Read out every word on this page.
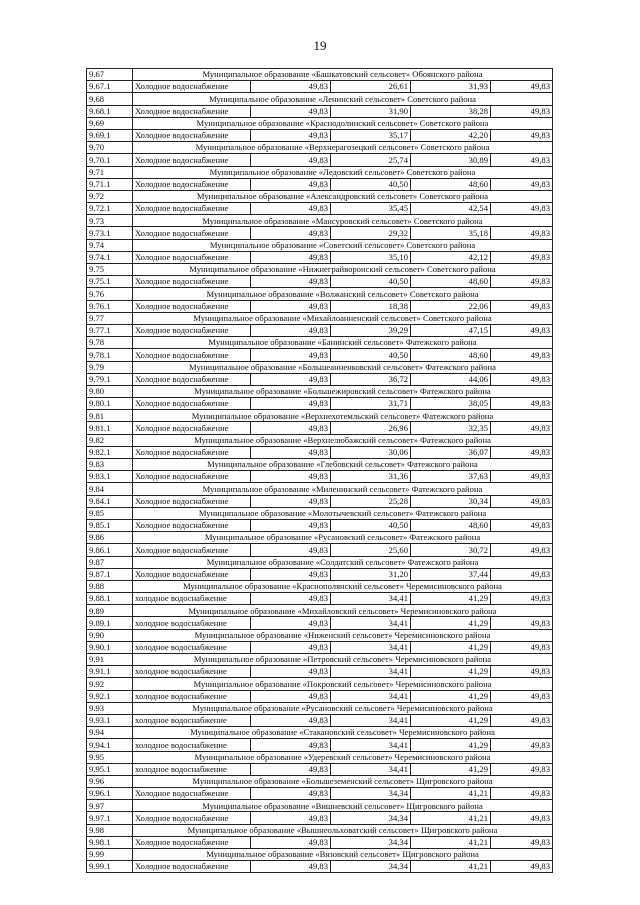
19
9.67	Муниципальное образование «Башкатовский сельсовет» Обоянского района				
9.67.1	Холодное водоснабжение	49,83	26,61	31,93	49,83
9.68	Муниципальное образование «Ленинский сельсовет» Советского района				
9.68.1	Холодное водоснабжение	49,83	31,90	38,28	49,83
9.69	Муниципальное образование «Краснодолинский сельсовет» Советского района				
9.69.1	Холодное водоснабжение	49,83	35,17	42,20	49,83
9.70	Муниципальное образование «Верхнерагозецкий сельсовет» Советского района				
9.70.1	Холодное водоснабжение	49,83	25,74	30,89	49,83
9.71	Муниципальное образование «Ледовский сельсовет» Советского района				
9.71.1	Холодное водоснабжение	49,83	40,50	48,60	49,83
9.72	Муниципальное образование «Александровский сельсовет» Советского района				
9.72.1	Холодное водоснабжение	49,83	35,45	42,54	49,83
9.73	Муниципальное образование «Мансуровский сельсовет» Советского района				
9.73.1	Холодное водоснабжение	49,83	29,32	35,18	49,83
9.74	Муниципальное образование «Советский сельсовет» Советского района				
9.74.1	Холодное водоснабжение	49,83	35,10	42,12	49,83
9.75	Муниципальное образование «Нижнеграйворонский сельсовет» Советского района				
9.75.1	Холодное водоснабжение	49,83	40,50	48,60	49,83
9.76	Муниципальное образование «Волжанский сельсовет» Советского района				
9.76.1	Холодное водоснабжение	49,83	18,38	22,06	49,83
9.77	Муниципальное образование «Михайлоанненский сельсовет» Советского района				
9.77.1	Холодное водоснабжение	49,83	39,29	47,15	49,83
9.78	Муниципальное образование «Банинский сельсовет» Фатежского района				
9.78.1	Холодное водоснабжение	49,83	40,50	48,60	49,83
9.79	Муниципальное образование «Большеанненковский сельсовет» Фатежского района				
9.79.1	Холодное водоснабжение	49,83	36,72	44,06	49,83
9.80	Муниципальное образование «Большежировский сельсовет» Фатежского района				
9.80.1	Холодное водоснабжение	49,83	31,71	38,05	49,83
9.81	Муниципальное образование «Верхнехотемльский сельсовет» Фатежского района				
9.81.1	Холодное водоснабжение	49,83	26,96	32,35	49,83
9.82	Муниципальное образование «Верхнелюбажский сельсовет» Фатежского района				
9.82.1	Холодное водоснабжение	49,83	30,06	36,07	49,83
9.83	Муниципальное образование «Глебовский сельсовет» Фатежского района				
9.83.1	Холодное водоснабжение	49,83	31,36	37,63	49,83
9.84	Муниципальное образование «Миленинский сельсовет» Фатежского района				
9.84.1	Холодное водоснабжение	49,83	25,28	30,34	49,83
9.85	Муниципальное образование «Молотычевский сельсовет» Фатежского района				
9.85.1	Холодное водоснабжение	49,83	40,50	48,60	49,83
9.86	Муниципальное образование «Русановский сельсовет» Фатежского района				
9.86.1	Холодное водоснабжение	49,83	25,60	30,72	49,83
9.87	Муниципальное образование «Солдатский сельсовет» Фатежского района				
9.87.1	Холодное водоснабжение	49,83	31,20	37,44	49,83
9.88	Муниципальное образование «Краснополянский сельсовет» Черемисиновского района				
9.88.1	холодное водоснабжение	49,83	34,41	41,29	49,83
9.89	Муниципальное образование «Михайловский сельсовет» Черемисиновского района				
9.89.1	холодное водоснабжение	49,83	34,41	41,29	49,83
9.90	Муниципальное образование «Ниженский сельсовет» Черемисиновского района				
9.90.1	холодное водоснабжение	49,83	34,41	41,29	49,83
9.91	Муниципальное образование «Петровский сельсовет» Черемисиновского района				
9.91.1	холодное водоснабжение	49,83	34,41	41,29	49,83
9.92	Муниципальное образование «Покровский сельсовет» Черемисиновского района				
9.92.1	холодное водоснабжение	49,83	34,41	41,29	49,83
9.93	Муниципальное образование «Русановский сельсовет» Черемисиновского района				
9.93.1	холодное водоснабжение	49,83	34,41	41,29	49,83
9.94	Муниципальное образование «Стакановский сельсовет» Черемисиновского района				
9.94.1	холодное водоснабжение	49,83	34,41	41,29	49,83
9.95	Муниципальное образование «Удеревский сельсовет» Черемисиновского района				
9.95.1	холодное водоснабжение	49,83	34,41	41,29	49,83
9.96	Муниципальное образование «Большеземенский сельсовет» Щигровского района				
9.96.1	Холодное водоснабжение	49,83	34,34	41,21	49,83
9.97	Муниципальное образование «Вишневский сельсовет» Щигровского района				
9.97.1	Холодное водоснабжение	49,83	34,34	41,21	49,83
9.98	Муниципальное образование «Вышнеольховатский сельсовет» Щигровского района				
9.98.1	Холодное водоснабжение	49,83	34,34	41,21	49,83
9.99	Муниципальное образование «Вязовский сельсовет» Щигровского района				
9.99.1	Холодное водоснабжение	49,83	34,34	41,21	49,83
